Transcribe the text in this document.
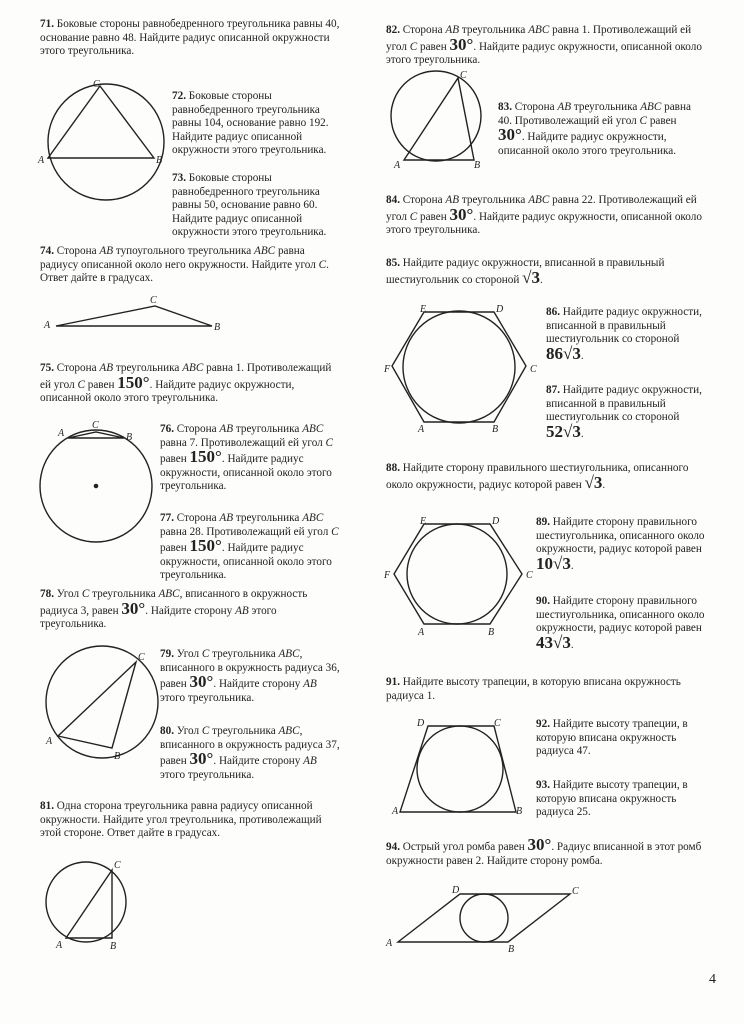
71. Боковые стороны равнобедренного треугольника равны 40, основание равно 48. Найдите радиус описанной окружности этого треугольника.

A	B
C

72. Боковые стороны равнобедренного треугольника равны 104, основание равно 192. Найдите радиус описанной окружности этого треугольника.

73. Боковые стороны равнобедренного треугольника равны 50, основание равно 60. Найдите радиус описанной окружности этого треугольника.

74. Сторона AB тупоугольного треугольника ABC равна радиусу описанной около него окружности. Найдите угол C. Ответ дайте в градусах.

A	B
C

75. Сторона AB треугольника ABC равна 1. Противолежащий ей угол C равен 150°. Найдите радиус окружности, описанной около этого треугольника.

A	B
C	76. Сторона AB треугольника ABC равна 7. Противолежащий ей угол C равен 150°. Найдите радиус окружности, описанной около этого треугольника.

77. Сторона AB треугольника ABC равна 28. Противолежащий ей угол C равен 150°. Найдите радиус окружности, описанной около этого треугольника.

78. Угол C треугольника ABC, вписанного в окружность радиуса 3, равен 30°. Найдите сторону AB этого треугольника.

A
B
C 79. Угол C треугольника ABC, вписанного в окружность радиуса 36, равен 30°. Найдите сторону AB этого треугольника.

80. Угол C треугольника ABC, вписанного в окружность радиуса 37, равен 30°. Найдите сторону AB этого треугольника.

81. Одна сторона треугольника равна радиусу описанной окружности. Найдите угол треугольника, противолежащий этой стороне. Ответ дайте в градусах.

A	B
C

82. Сторона AB треугольника ABC равна 1. Противолежащий ей угол C равен 30°. Найдите радиус окружности, описанной около этого треугольника.

A	B
C

83. Сторона AB треугольника ABC равна 40. Противолежащий ей угол C равен 30°. Найдите радиус окружности, описанной около этого треугольника.

84. Сторона AB треугольника ABC равна 22. Противолежащий ей угол C равен 30°. Найдите радиус окружности, описанной около этого треугольника.

85. Найдите радиус окружности, вписанной в правильный шестиугольник со стороной √3.

A	B
C
D
E
F

86. Найдите радиус окружности, вписанной в правильный шестиугольник со стороной 86√3.

87. Найдите радиус окружности, вписанной в правильный шестиугольник со стороной 52√3.

88. Найдите сторону правильного шестиугольника, описанного около окружности, радиус которой равен √3.

A	B
C
D
E
F

89. Найдите сторону правильного шестиугольника, описанного около окружности, радиус которой равен 10√3.

90. Найдите сторону правильного шестиугольника, описанного около окружности, радиус которой равен 43√3.

91. Найдите высоту трапеции, в которую вписана окружность радиуса 1.

A	B
C
D	92. Найдите высоту трапеции, в которую вписана окружность радиуса 47.

93. Найдите высоту трапеции, в которую вписана окружность радиуса 25.

94. Острый угол ромба равен 30°. Радиус вписанной в этот ромб окружности равен 2. Найдите сторону ромба.

A
B
C
D
4
